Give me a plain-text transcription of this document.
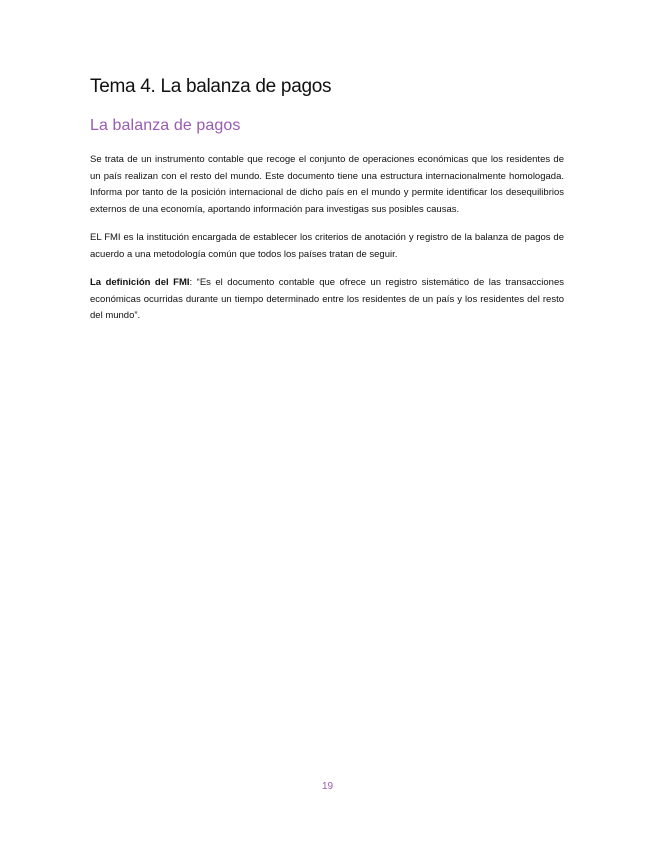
Tema 4. La balanza de pagos
La balanza de pagos

Se trata de un instrumento contable que recoge el conjunto de operaciones económicas que los residentes de un país realizan con el resto del mundo. Este documento tiene una estructura internacionalmente homologada. Informa por tanto de la posición internacional de dicho país en el mundo y permite identificar los desequilibrios externos de una economía, aportando información para investigas sus posibles causas.

EL FMI es la institución encargada de establecer los criterios de anotación y registro de la balanza de pagos de acuerdo a una metodología común que todos los países tratan de seguir.

La definición del FMI: “Es el documento contable que ofrece un registro sistemático de las transacciones económicas ocurridas durante un tiempo determinado entre los residentes de un país y los residentes del resto del mundo”.

19
